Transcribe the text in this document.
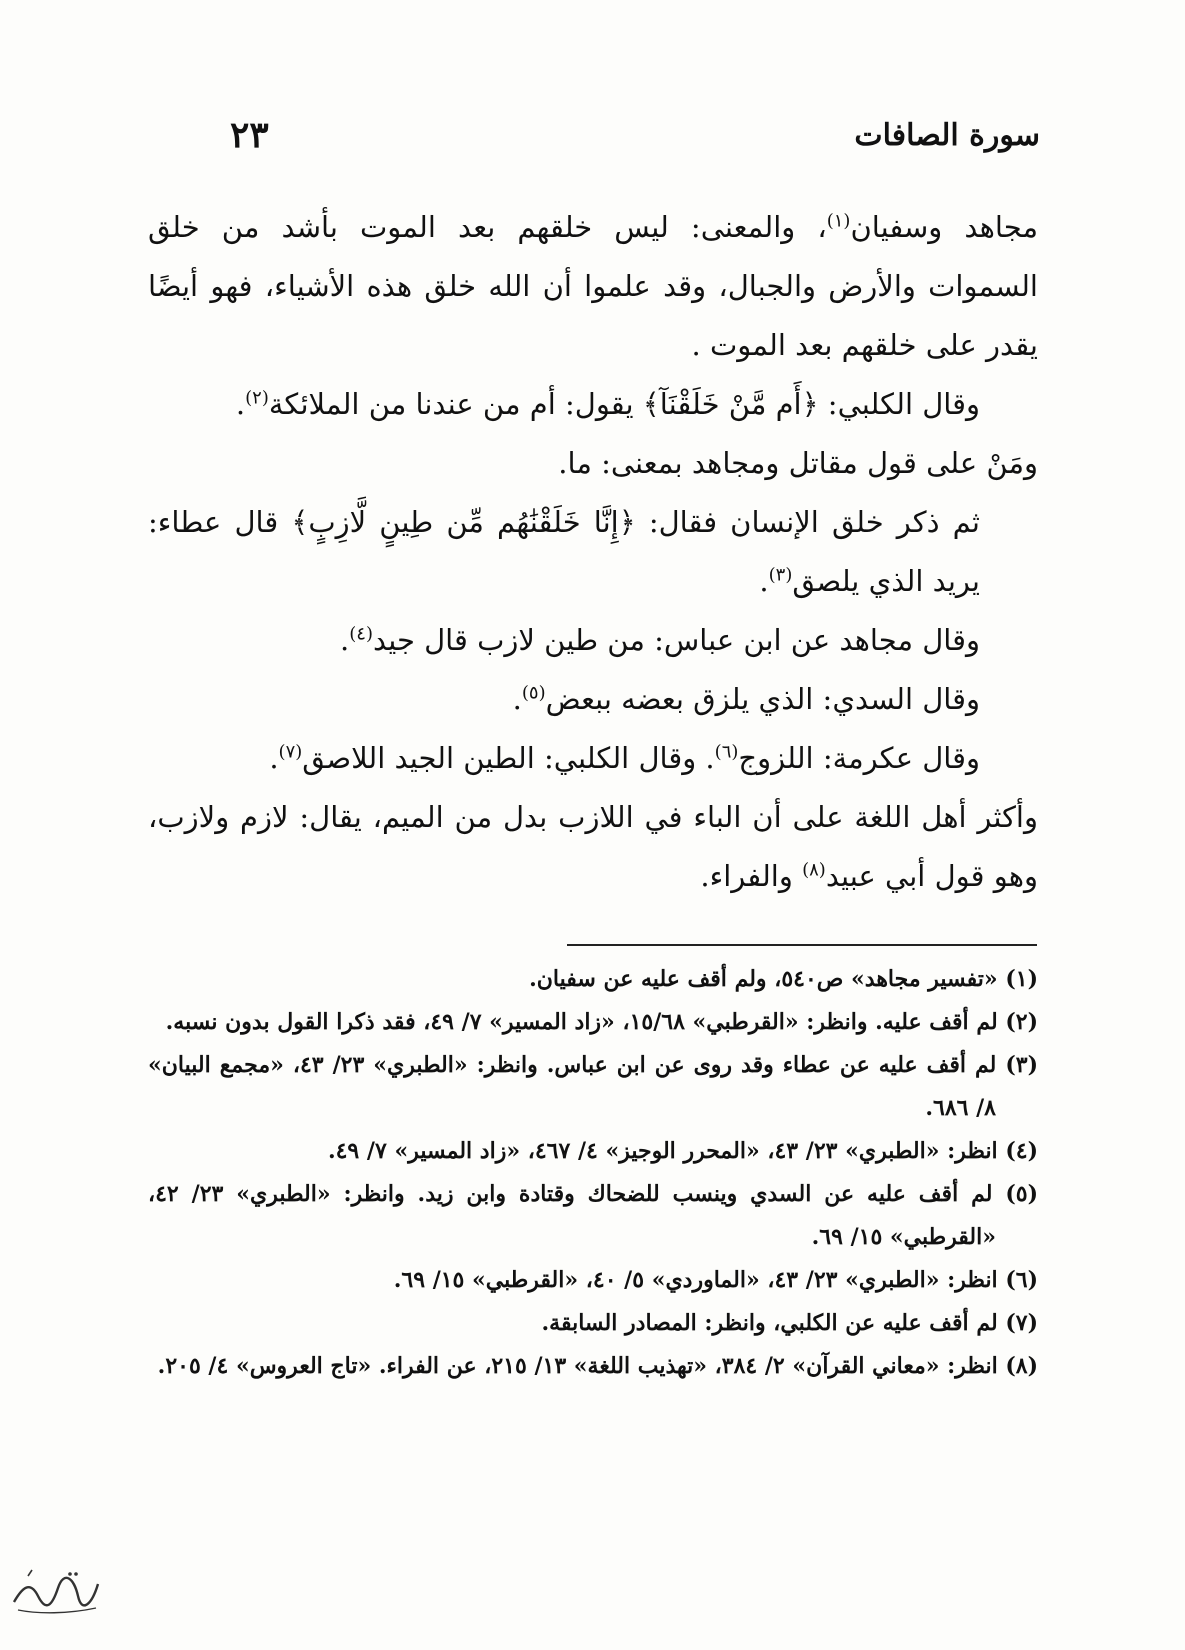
سورة الصافات
٢٣

مجاهد وسفيان$^{(١)}$، والمعنى: ليس خلقهم بعد الموت بأشد من خلق السموات والأرض والجبال، وقد علموا أن الله خلق هذه الأشياء، فهو أيضًا يقدر على خلقهم بعد الموت .

وقال الكلبي: ﴿أَم مَّنْ خَلَقْنَآ﴾ يقول: أم من عندنا من الملائكة$^{(٢)}$.

ومَنْ على قول مقاتل ومجاهد بمعنى: ما.

ثم ذكر خلق الإنسان فقال: ﴿إِنَّا خَلَقْنَٰهُم مِّن طِينٍ لَّازِبٍ﴾ قال عطاء: يريد الذي يلصق$^{(٣)}$.

وقال مجاهد عن ابن عباس: من طين لازب قال جيد$^{(٤)}$.

وقال السدي: الذي يلزق بعضه ببعض$^{(٥)}$.

وقال عكرمة: اللزوج$^{(٦)}$. وقال الكلبي: الطين الجيد اللاصق$^{(٧)}$.

وأكثر أهل اللغة على أن الباء في اللازب بدل من الميم، يقال: لازم ولازب، وهو قول أبي عبيد$^{(٨)}$ والفراء.

(١) «تفسير مجاهد» ص٥٤٠، ولم أقف عليه عن سفيان.

(٢) لم أقف عليه. وانظر: «القرطبي» ١٥/٦٨، «زاد المسير» ٧/ ٤٩، فقد ذكرا القول بدون نسبه.

(٣) لم أقف عليه عن عطاء وقد روى عن ابن عباس. وانظر: «الطبري» ٢٣/ ٤٣، «مجمع البيان» ٨/ ٦٨٦.

(٤) انظر: «الطبري» ٢٣/ ٤٣، «المحرر الوجيز» ٤/ ٤٦٧، «زاد المسير» ٧/ ٤٩.

(٥) لم أقف عليه عن السدي وينسب للضحاك وقتادة وابن زيد. وانظر: «الطبري» ٢٣/ ٤٢، «القرطبي» ١٥/ ٦٩.

(٦) انظر: «الطبري» ٢٣/ ٤٣، «الماوردي» ٥/ ٤٠، «القرطبي» ١٥/ ٦٩.

(٧) لم أقف عليه عن الكلبي، وانظر: المصادر السابقة.

(٨) انظر: «معاني القرآن» ٢/ ٣٨٤، «تهذيب اللغة» ١٣/ ٢١٥، عن الفراء. «تاج العروس» ٤/ ٢٠٥.
